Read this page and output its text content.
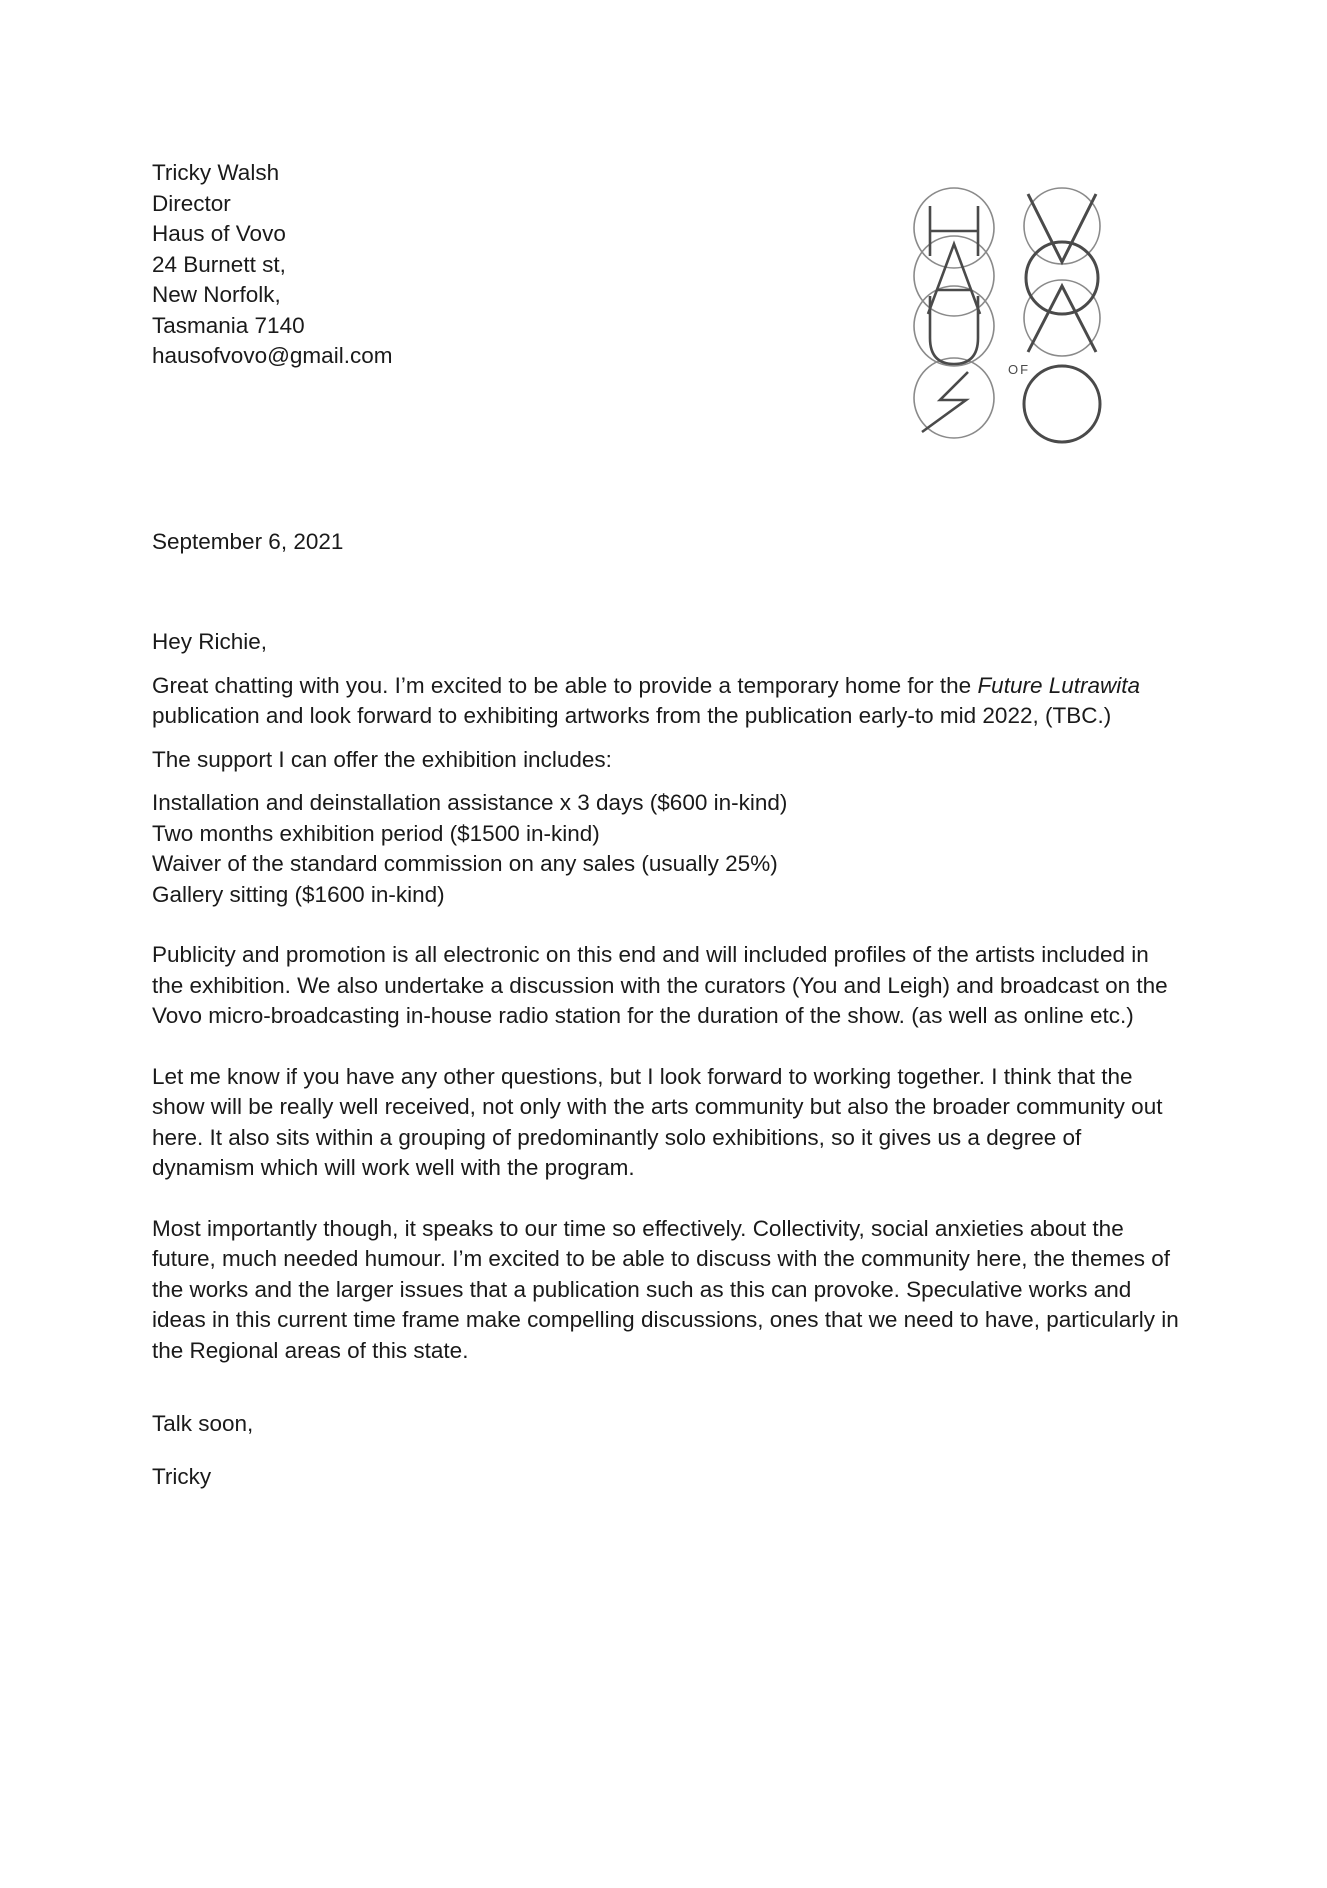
Tricky Walsh
Director
Haus of Vovo
24 Burnett st,
New Norfolk,
Tasmania 7140
hausofvovo@gmail.com
OF
September 6, 2021

Hey Richie,

Great chatting with you. I’m excited to be able to provide a temporary home for the Future Lutrawita publication and look forward to exhibiting artworks from the publication early-to mid 2022, (TBC.)

The support I can offer the exhibition includes:

Installation and deinstallation assistance x 3 days ($600 in-kind)
Two months exhibition period ($1500 in-kind)
Waiver of the standard commission on any sales (usually 25%)
Gallery sitting ($1600 in-kind)

Publicity and promotion is all electronic on this end and will included profiles of the artists included in the exhibition. We also undertake a discussion with the curators (You and Leigh) and broadcast on the Vovo micro-broadcasting in-house radio station for the duration of the show. (as well as online etc.)

Let me know if you have any other questions, but I look forward to working together. I think that the show will be really well received, not only with the arts community but also the broader community out here. It also sits within a grouping of predominantly solo exhibitions, so it gives us a degree of dynamism which will work well with the program.

Most importantly though, it speaks to our time so effectively. Collectivity, social anxieties about the future, much needed humour. I’m excited to be able to discuss with the community here, the themes of the works and the larger issues that a publication such as this can provoke. Speculative works and ideas in this current time frame make compelling discussions, ones that we need to have, particularly in the Regional areas of this state.

Talk soon,

Tricky
